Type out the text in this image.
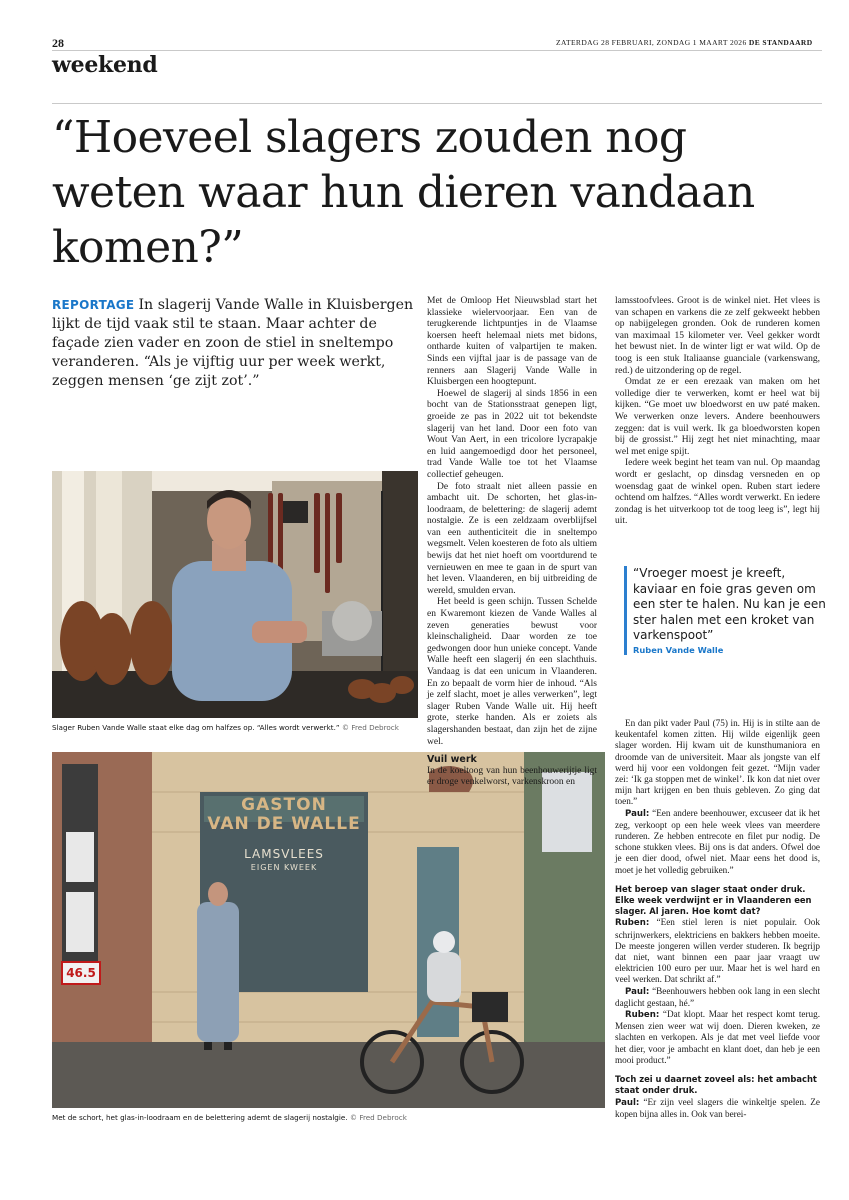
28	ZATERDAG 28 FEBRUARI, ZONDAG 1 MAART 2026 DE STANDAARD
weekend
“Hoeveel slagers zouden nog weten waar hun dieren vandaan komen?”

REPORTAGE In slagerij Vande Walle in Kluisbergen lijkt de tijd vaak stil te staan. Maar achter de façade zien vader en zoon de stiel in sneltempo veranderen. “Als je vijftig uur per week werkt, zeggen mensen ‘ge zijt zot’.”

Slager Ruben Vande Walle staat elke dag om halfzes op. “Alles wordt verwerkt.” © Fred Debrock
GASTON
VAN DE WALLE
LAMSVLEES
EIGEN KWEEK
46.5
Met de schort, het glas-in-loodraam en de belettering ademt de slagerij nostalgie. © Fred Debrock

Met de Omloop Het Nieuwsblad start het klassieke wielervoorjaar. Een van de terugkerende lichtpuntjes in de Vlaamse koersen heeft helemaal niets met bidons, ontharde kuiten of valpartijen te maken. Sinds een vijftal jaar is de passage van de renners aan Slagerij Vande Walle in Kluisbergen een hoogtepunt.

Hoewel de slagerij al sinds 1856 in een bocht van de Stationsstraat genepen ligt, groeide ze pas in 2022 uit tot bekendste slagerij van het land. Door een foto van Wout Van Aert, in een tricolore lycrapakje en luid aangemoedigd door het personeel, trad Vande Walle toe tot het Vlaamse collectief geheugen.

De foto straalt niet alleen passie en ambacht uit. De schorten, het glas-in-loodraam, de belettering: de slagerij ademt nostalgie. Ze is een zeldzaam overblijfsel van een authenticiteit die in sneltempo wegsmelt. Velen koesteren de foto als ultiem bewijs dat het niet hoeft om voortdurend te vernieuwen en mee te gaan in de spurt van het leven. Vlaanderen, en bij uitbreiding de wereld, smulden ervan.

Het beeld is geen schijn. Tussen Schelde en Kwaremont kiezen de Vande Walles al zeven generaties bewust voor kleinschaligheid. Daar worden ze toe gedwongen door hun unieke concept. Vande Walle heeft een slagerij én een slachthuis. Vandaag is dat een unicum in Vlaanderen. En zo bepaalt de vorm hier de inhoud. “Als je zelf slacht, moet je alles verwerken”, legt slager Ruben Vande Walle uit. Hij heeft grote, sterke handen. Als er zoiets als slagershanden bestaat, dan zijn het de zijne wel.

Vuil werk

In de koeltoog van hun beenhouwerijtje ligt er droge venkelworst, varkenskroon en

lamsstoofvlees. Groot is de winkel niet. Het vlees is van schapen en varkens die ze zelf gekweekt hebben op nabijgelegen gronden. Ook de runderen komen van maximaal 15 kilometer ver. Veel gekker wordt het bewust niet. In de winter ligt er wat wild. Op de toog is een stuk Italiaanse guanciale (varkenswang, red.) de uitzondering op de regel.

Omdat ze er een erezaak van maken om het volledige dier te verwerken, komt er heel wat bij kijken. “Ge moet uw bloedworst en uw paté maken. We verwerken onze levers. Andere beenhouwers zeggen: dat is vuil werk. Ik ga bloedworsten kopen bij de grossist.” Hij zegt het niet minachting, maar wel met enige spijt.

Iedere week begint het team van nul. Op maandag wordt er geslacht, op dinsdag versneden en op woensdag gaat de winkel open. Ruben start iedere ochtend om halfzes. “Alles wordt verwerkt. En iedere zondag is het uitverkoop tot de toog leeg is”, legt hij uit.

“Vroeger moest je kreeft, kaviaar en foie gras geven om een ster te halen. Nu kan je een ster halen met een kroket van varkenspoot”
Ruben Vande Walle

En dan pikt vader Paul (75) in. Hij is in stilte aan de keukentafel komen zitten. Hij wilde eigenlijk geen slager worden. Hij kwam uit de kunsthumaniora en droomde van de universiteit. Maar als jongste van elf werd hij voor een voldongen feit gezet. “Mijn vader zei: ‘Ik ga stoppen met de winkel’. Ik kon dat niet over mijn hart krijgen en ben thuis gebleven. Zo ging dat toen.”

Paul: “Een andere beenhouwer, excuseer dat ik het zeg, verkoopt op een hele week vlees van meerdere runderen. Ze hebben entrecote en filet pur nodig. De schone stukken vlees. Bij ons is dat anders. Ofwel doe je een dier dood, ofwel niet. Maar eens het dood is, moet je het volledig gebruiken.”

Het beroep van slager staat onder druk. Elke week verdwijnt er in Vlaanderen een slager. Al jaren. Hoe komt dat?

Ruben: “Een stiel leren is niet populair. Ook schrijnwerkers, elektriciens en bakkers hebben moeite. De meeste jongeren willen verder studeren. Ik begrijp dat niet, want binnen een paar jaar vraagt uw elektricien 100 euro per uur. Maar het is wel hard en veel werken. Dat schrikt af.”

Paul: “Beenhouwers hebben ook lang in een slecht daglicht gestaan, hé.”

Ruben: “Dat klopt. Maar het respect komt terug. Mensen zien weer wat wij doen. Dieren kweken, ze slachten en verkopen. Als je dat met veel liefde voor het dier, voor je ambacht en klant doet, dan heb je een mooi product.”

Toch zei u daarnet zoveel als: het ambacht staat onder druk.

Paul: “Er zijn veel slagers die winkeltje spelen. Ze kopen bijna alles in. Ook van berei-
